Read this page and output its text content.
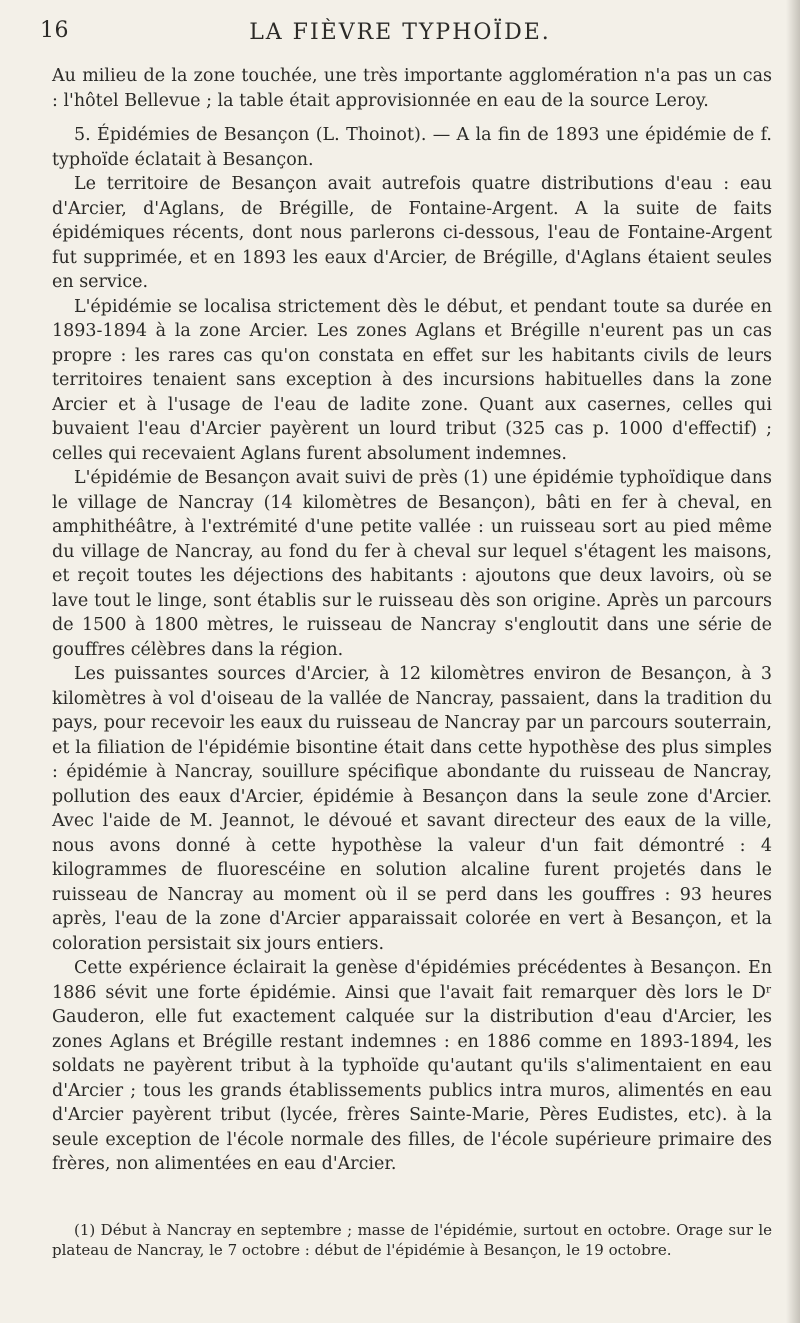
16	LA FIÈVRE TYPHOÏDE.

Au milieu de la zone touchée, une très importante agglomération n'a pas un cas : l'hôtel Bellevue ; la table était approvisionnée en eau de la source Leroy.

5. Épidémies de Besançon (L. Thoinot). — A la fin de 1893 une épidémie de f. typhoïde éclatait à Besançon.

Le territoire de Besançon avait autrefois quatre distributions d'eau : eau d'Arcier, d'Aglans, de Brégille, de Fontaine-Argent. A la suite de faits épidémiques récents, dont nous parlerons ci-dessous, l'eau de Fontaine-Argent fut supprimée, et en 1893 les eaux d'Arcier, de Brégille, d'Aglans étaient seules en service.

L'épidémie se localisa strictement dès le début, et pendant toute sa durée en 1893-1894 à la zone Arcier. Les zones Aglans et Brégille n'eurent pas un cas propre : les rares cas qu'on constata en effet sur les habitants civils de leurs territoires tenaient sans exception à des incursions habituelles dans la zone Arcier et à l'usage de l'eau de ladite zone. Quant aux casernes, celles qui buvaient l'eau d'Arcier payèrent un lourd tribut (325 cas p. 1000 d'effectif) ; celles qui recevaient Aglans furent absolument indemnes.

L'épidémie de Besançon avait suivi de près (1) une épidémie typhoïdique dans le village de Nancray (14 kilomètres de Besançon), bâti en fer à cheval, en amphithéâtre, à l'extrémité d'une petite vallée : un ruisseau sort au pied même du village de Nancray, au fond du fer à cheval sur lequel s'étagent les maisons, et reçoit toutes les déjections des habitants : ajoutons que deux lavoirs, où se lave tout le linge, sont établis sur le ruisseau dès son origine. Après un parcours de 1500 à 1800 mètres, le ruisseau de Nancray s'engloutit dans une série de gouffres célèbres dans la région.

Les puissantes sources d'Arcier, à 12 kilomètres environ de Besançon, à 3 kilomètres à vol d'oiseau de la vallée de Nancray, passaient, dans la tradition du pays, pour recevoir les eaux du ruisseau de Nancray par un parcours souterrain, et la filiation de l'épidémie bisontine était dans cette hypothèse des plus simples : épidémie à Nancray, souillure spécifique abondante du ruisseau de Nancray, pollution des eaux d'Arcier, épidémie à Besançon dans la seule zone d'Arcier. Avec l'aide de M. Jeannot, le dévoué et savant directeur des eaux de la ville, nous avons donné à cette hypothèse la valeur d'un fait démontré : 4 kilogrammes de fluorescéine en solution alcaline furent projetés dans le ruisseau de Nancray au moment où il se perd dans les gouffres : 93 heures après, l'eau de la zone d'Arcier apparaissait colorée en vert à Besançon, et la coloration persistait six jours entiers.

Cette expérience éclairait la genèse d'épidémies précédentes à Besançon. En 1886 sévit une forte épidémie. Ainsi que l'avait fait remarquer dès lors le Dʳ Gauderon, elle fut exactement calquée sur la distribution d'eau d'Arcier, les zones Aglans et Brégille restant indemnes : en 1886 comme en 1893-1894, les soldats ne payèrent tribut à la typhoïde qu'autant qu'ils s'alimentaient en eau d'Arcier ; tous les grands établissements publics intra muros, alimentés en eau d'Arcier payèrent tribut (lycée, frères Sainte-Marie, Pères Eudistes, etc). à la seule exception de l'école normale des filles, de l'école supérieure primaire des frères, non alimentées en eau d'Arcier.

(1) Début à Nancray en septembre ; masse de l'épidémie, surtout en octobre. Orage sur le plateau de Nancray, le 7 octobre : début de l'épidémie à Besançon, le 19 octobre.
